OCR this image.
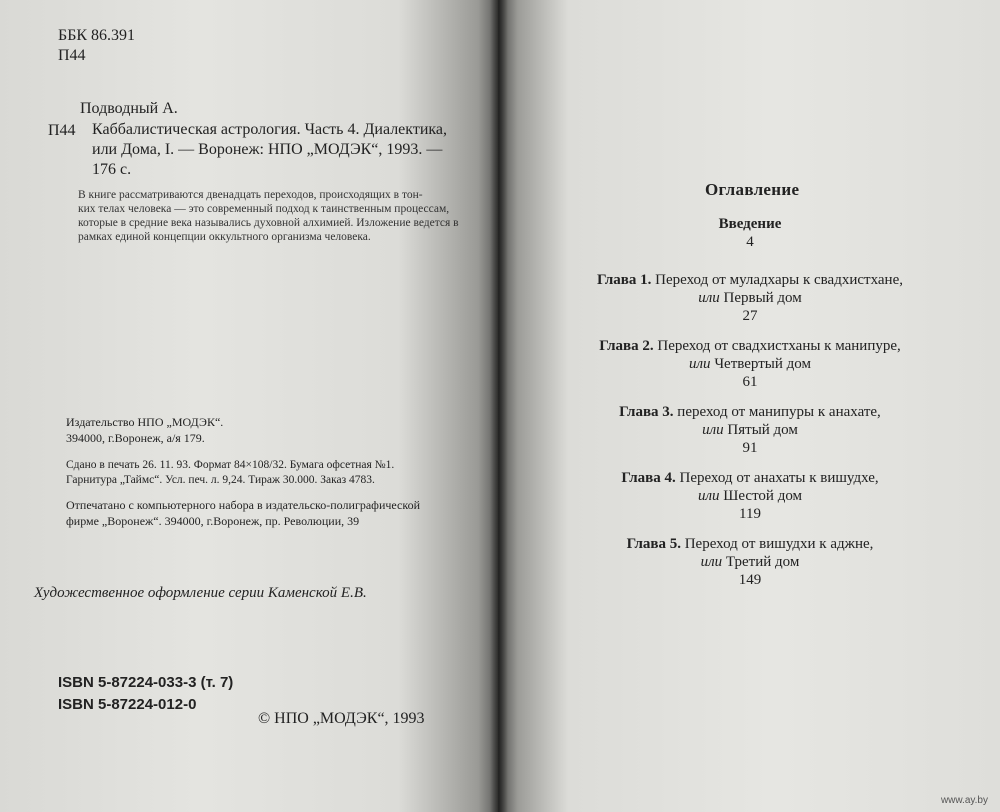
ББК 86.391
П44
Подводный А.
П44 Каббалистическая астрология. Часть 4. Диалектика,
или Дома, I. — Воронеж: НПО „МОДЭК“, 1993. —
176 с.
В книге рассматриваются двенадцать переходов, происходящих в тон-
ких телах человека — это современный подход к таинственным процессам,
которые в средние века назывались духовной алхимией. Изложение ведется в
рамках единой концепции оккультного организма человека.
Издательство НПО „МОДЭК“.
394000, г.Воронеж, а/я 179.
Сдано в печать 26. 11. 93. Формат 84×108/32. Бумага офсетная №1.
Гарнитура „Таймс“. Усл. печ. л. 9,24. Тираж 30.000. Заказ 4783.
Отпечатано с компьютерного набора в издательско-полиграфической
фирме „Воронеж“. 394000, г.Воронеж, пр. Революции, 39
Художественное оформление серии Каменской Е.В.
ISBN 5-87224-033-3 (т. 7)
ISBN 5-87224-012-0
© НПО „МОДЭК“, 1993
Оглавление
Введение
4
Глава 1. Переход от муладхары к свадхистхане,
или Первый дом
27
Глава 2. Переход от свадхистханы к манипуре,
или Четвертый дом
61
Глава 3. переход от манипуры к анахате,
или Пятый дом
91
Глава 4. Переход от анахаты к вишудхе,
или Шестой дом
119
Глава 5. Переход от вишудхи к аджне,
или Третий дом
149
www.ay.by
